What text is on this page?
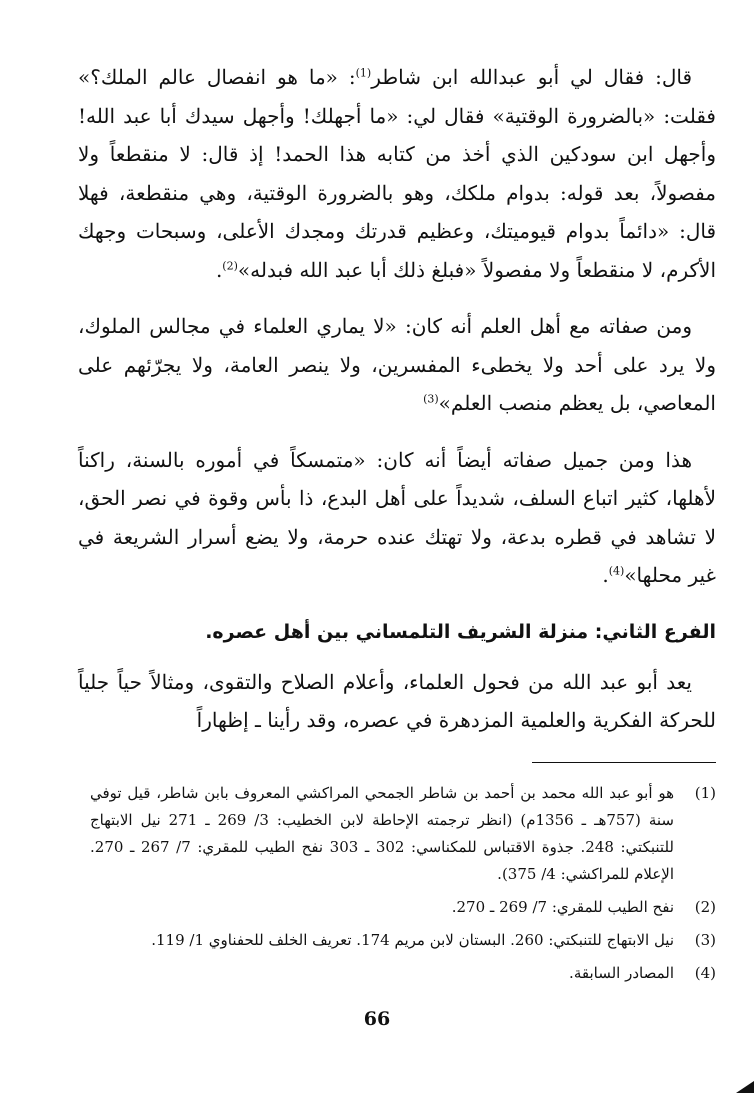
قال: فقال لي أبو عبدالله ابن شاطر$^{(1)}$: «ما هو انفصال عالم الملك؟» فقلت: «بالضرورة الوقتية» فقال لي: «ما أجهلك! وأجهل سيدك أبا عبد الله! وأجهل ابن سودكين الذي أخذ من كتابه هذا الحمد! إذ قال: لا منقطعاً ولا مفصولاً، بعد قوله: بدوام ملكك، وهو بالضرورة الوقتية، وهي منقطعة، فهلا قال: «دائماً بدوام قيوميتك، وعظيم قدرتك ومجدك الأعلى، وسبحات وجهك الأكرم، لا منقطعاً ولا مفصولاً «فبلغ ذلك أبا عبد الله فبدله»$^{(2)}$.

ومن صفاته مع أهل العلم أنه كان: «لا يماري العلماء في مجالس الملوك، ولا يرد على أحد ولا يخطىء المفسرين، ولا ينصر العامة، ولا يجرّئهم على المعاصي، بل يعظم منصب العلم»$^{(3)}$

هذا ومن جميل صفاته أيضاً أنه كان: «متمسكاً في أموره بالسنة، راكناً لأهلها، كثير اتباع السلف، شديداً على أهل البدع، ذا بأس وقوة في نصر الحق، لا تشاهد في قطره بدعة، ولا تهتك عنده حرمة، ولا يضع أسرار الشريعة في غير محلها»$^{(4)}$.

الفرع الثاني: منزلة الشريف التلمساني بين أهل عصره.

يعد أبو عبد الله من فحول العلماء، وأعلام الصلاح والتقوى، ومثالاً حياً جلياً للحركة الفكرية والعلمية المزدهرة في عصره، وقد رأينا ـ إظهاراً

(1)
هو أبو عبد الله محمد بن أحمد بن شاطر الجمحي المراكشي المعروف بابن شاطر، قيل توفي سنة (757هـ ـ 1356م) (انظر ترجمته الإحاطة لابن الخطيب: 3/ 269 ـ 271 نيل الابتهاج للتنبكتي: 248. جذوة الاقتباس للمكناسي: 302 ـ 303 نفح الطيب للمقري: 7/ 267 ـ 270. الإعلام للمراكشي: 4/ 375).
(2)
نفح الطيب للمقري: 7/ 269 ـ 270.
(3)
نيل الابتهاج للتنبكتي: 260. البستان لابن مريم 174. تعريف الخلف للحفناوي 1/ 119.
(4)
المصادر السابقة.
66
